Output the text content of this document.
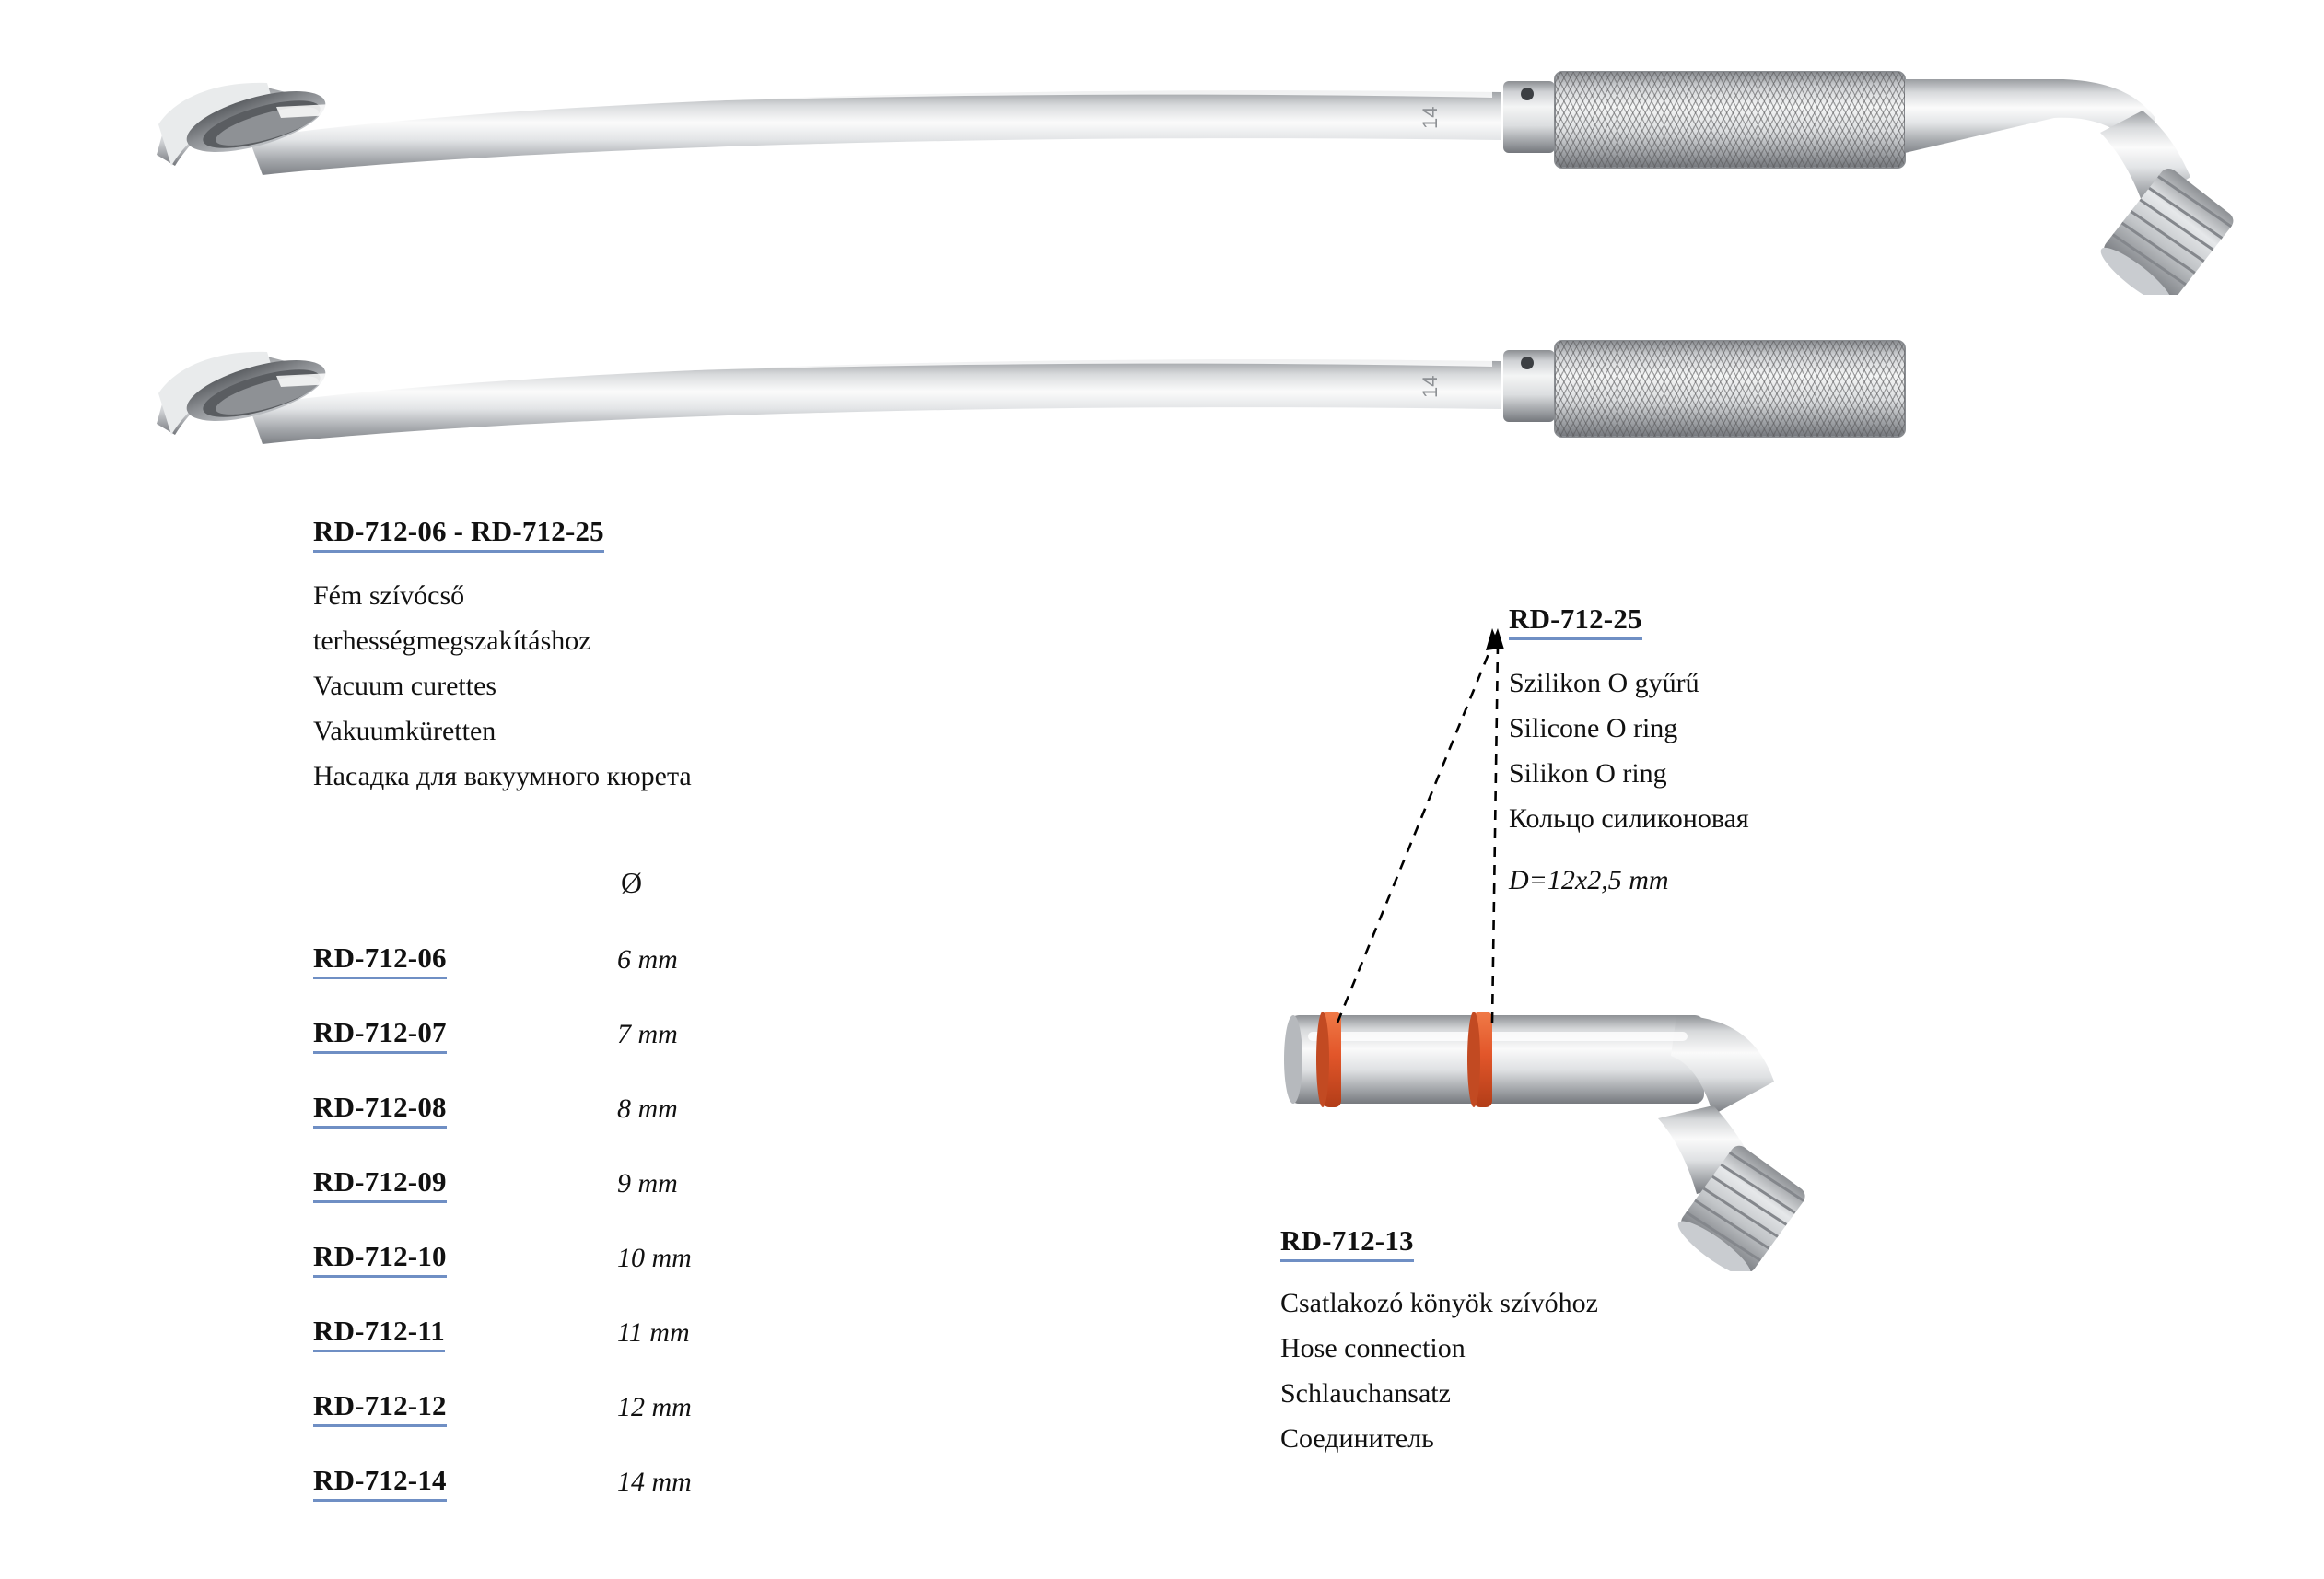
14
14
RD-712-06 - RD-712-25
Fém szívócső
terhességmegszakításhoz
Vacuum curettes
Vakuumküretten
Насадка для вакуумного кюрета
Ø
RD-712-06	6 mm
RD-712-07	7 mm
RD-712-08	8 mm
RD-712-09	9 mm
RD-712-10	10 mm
RD-712-11	11 mm
RD-712-12	12 mm
RD-712-14	14 mm
RD-712-25
Szilikon O gyűrű
Silicone O ring
Silikon O ring
Кольцо силиконовая
D=12x2,5 mm
RD-712-13
Csatlakozó könyök szívóhoz
Hose connection
Schlauchansatz
Соединитель
